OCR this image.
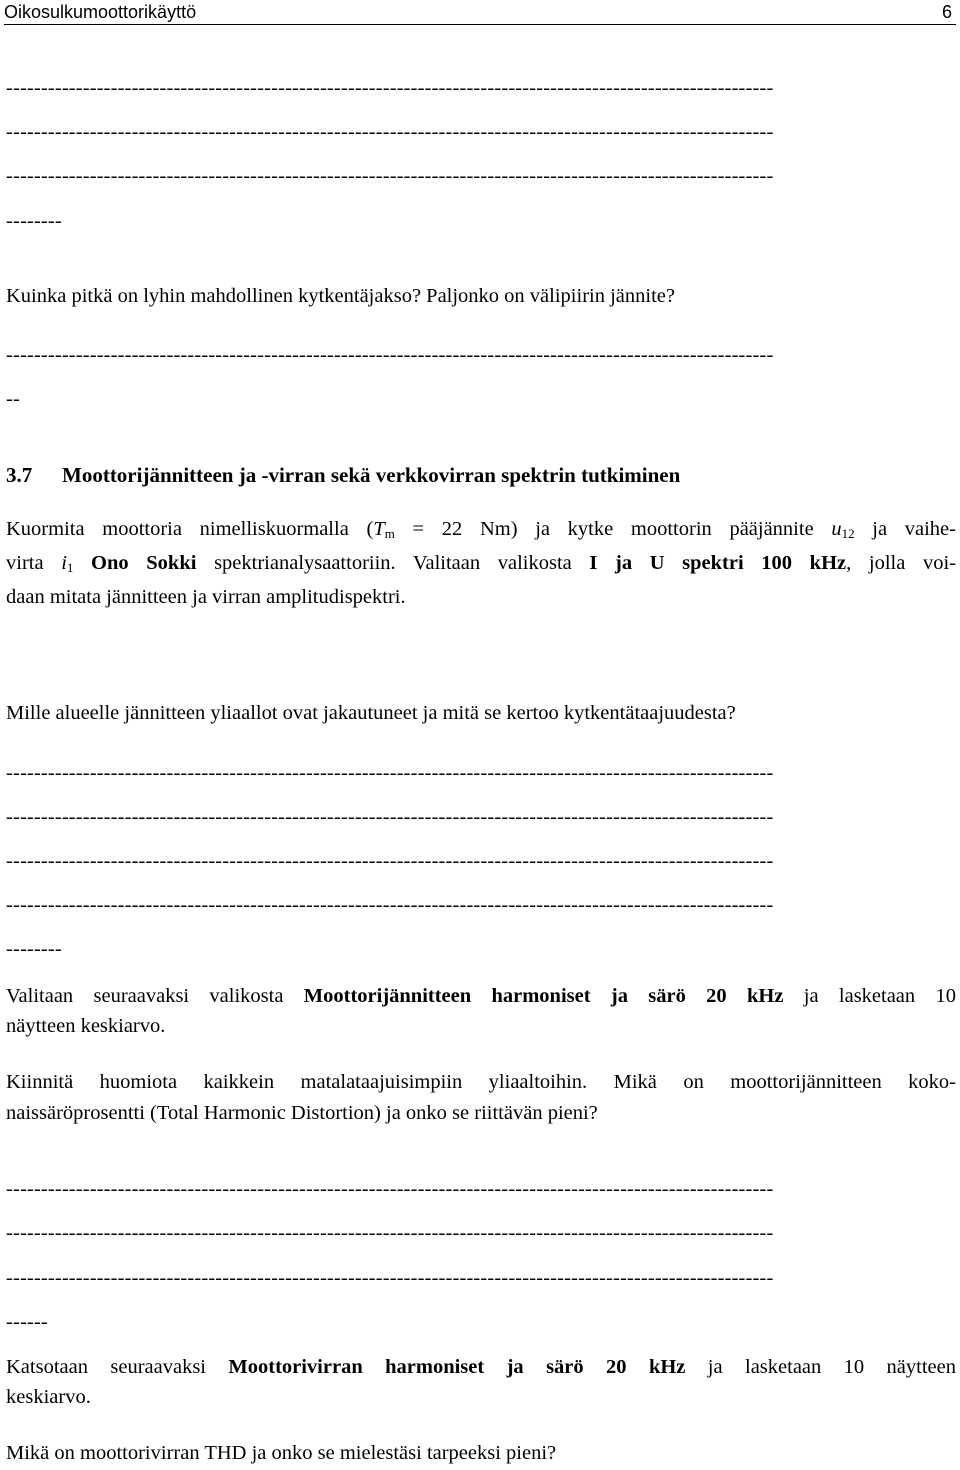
Oikosulkumoottorikäyttö	6
--------------------------------------------------------------------------------------------------------------
--------------------------------------------------------------------------------------------------------------
--------------------------------------------------------------------------------------------------------------
--------
Kuinka pitkä on lyhin mahdollinen kytkentäjakso? Paljonko on välipiirin jännite?
--------------------------------------------------------------------------------------------------------------
--
3.7 Moottorijännitteen ja -virran sekä verkkovirran spektrin tutkiminen
Kuormita moottoria nimelliskuormalla ($T_m = 22$ Nm) ja kytke moottorin pääjännite $u_{12}$ ja vaihe-
virta $i_1$ Ono Sokki spektrianalysaattoriin. Valitaan valikosta I ja U spektri 100 kHz, jolla voi-
daan mitata jännitteen ja virran amplitudispektri.
Mille alueelle jännitteen yliaallot ovat jakautuneet ja mitä se kertoo kytkentätaajuudesta?
--------------------------------------------------------------------------------------------------------------
--------------------------------------------------------------------------------------------------------------
--------------------------------------------------------------------------------------------------------------
--------------------------------------------------------------------------------------------------------------
--------
Valitaan seuraavaksi valikosta Moottorijännitteen harmoniset ja särö 20 kHz ja lasketaan 10
näytteen keskiarvo.
Kiinnitä huomiota kaikkein matalataajuisimpiin yliaaltoihin. Mikä on moottorijännitteen koko-
naissäröprosentti (Total Harmonic Distortion) ja onko se riittävän pieni?
--------------------------------------------------------------------------------------------------------------
--------------------------------------------------------------------------------------------------------------
--------------------------------------------------------------------------------------------------------------
------
Katsotaan seuraavaksi Moottorivirran harmoniset ja särö 20 kHz ja lasketaan 10 näytteen
keskiarvo.
Mikä on moottorivirran THD ja onko se mielestäsi tarpeeksi pieni?
